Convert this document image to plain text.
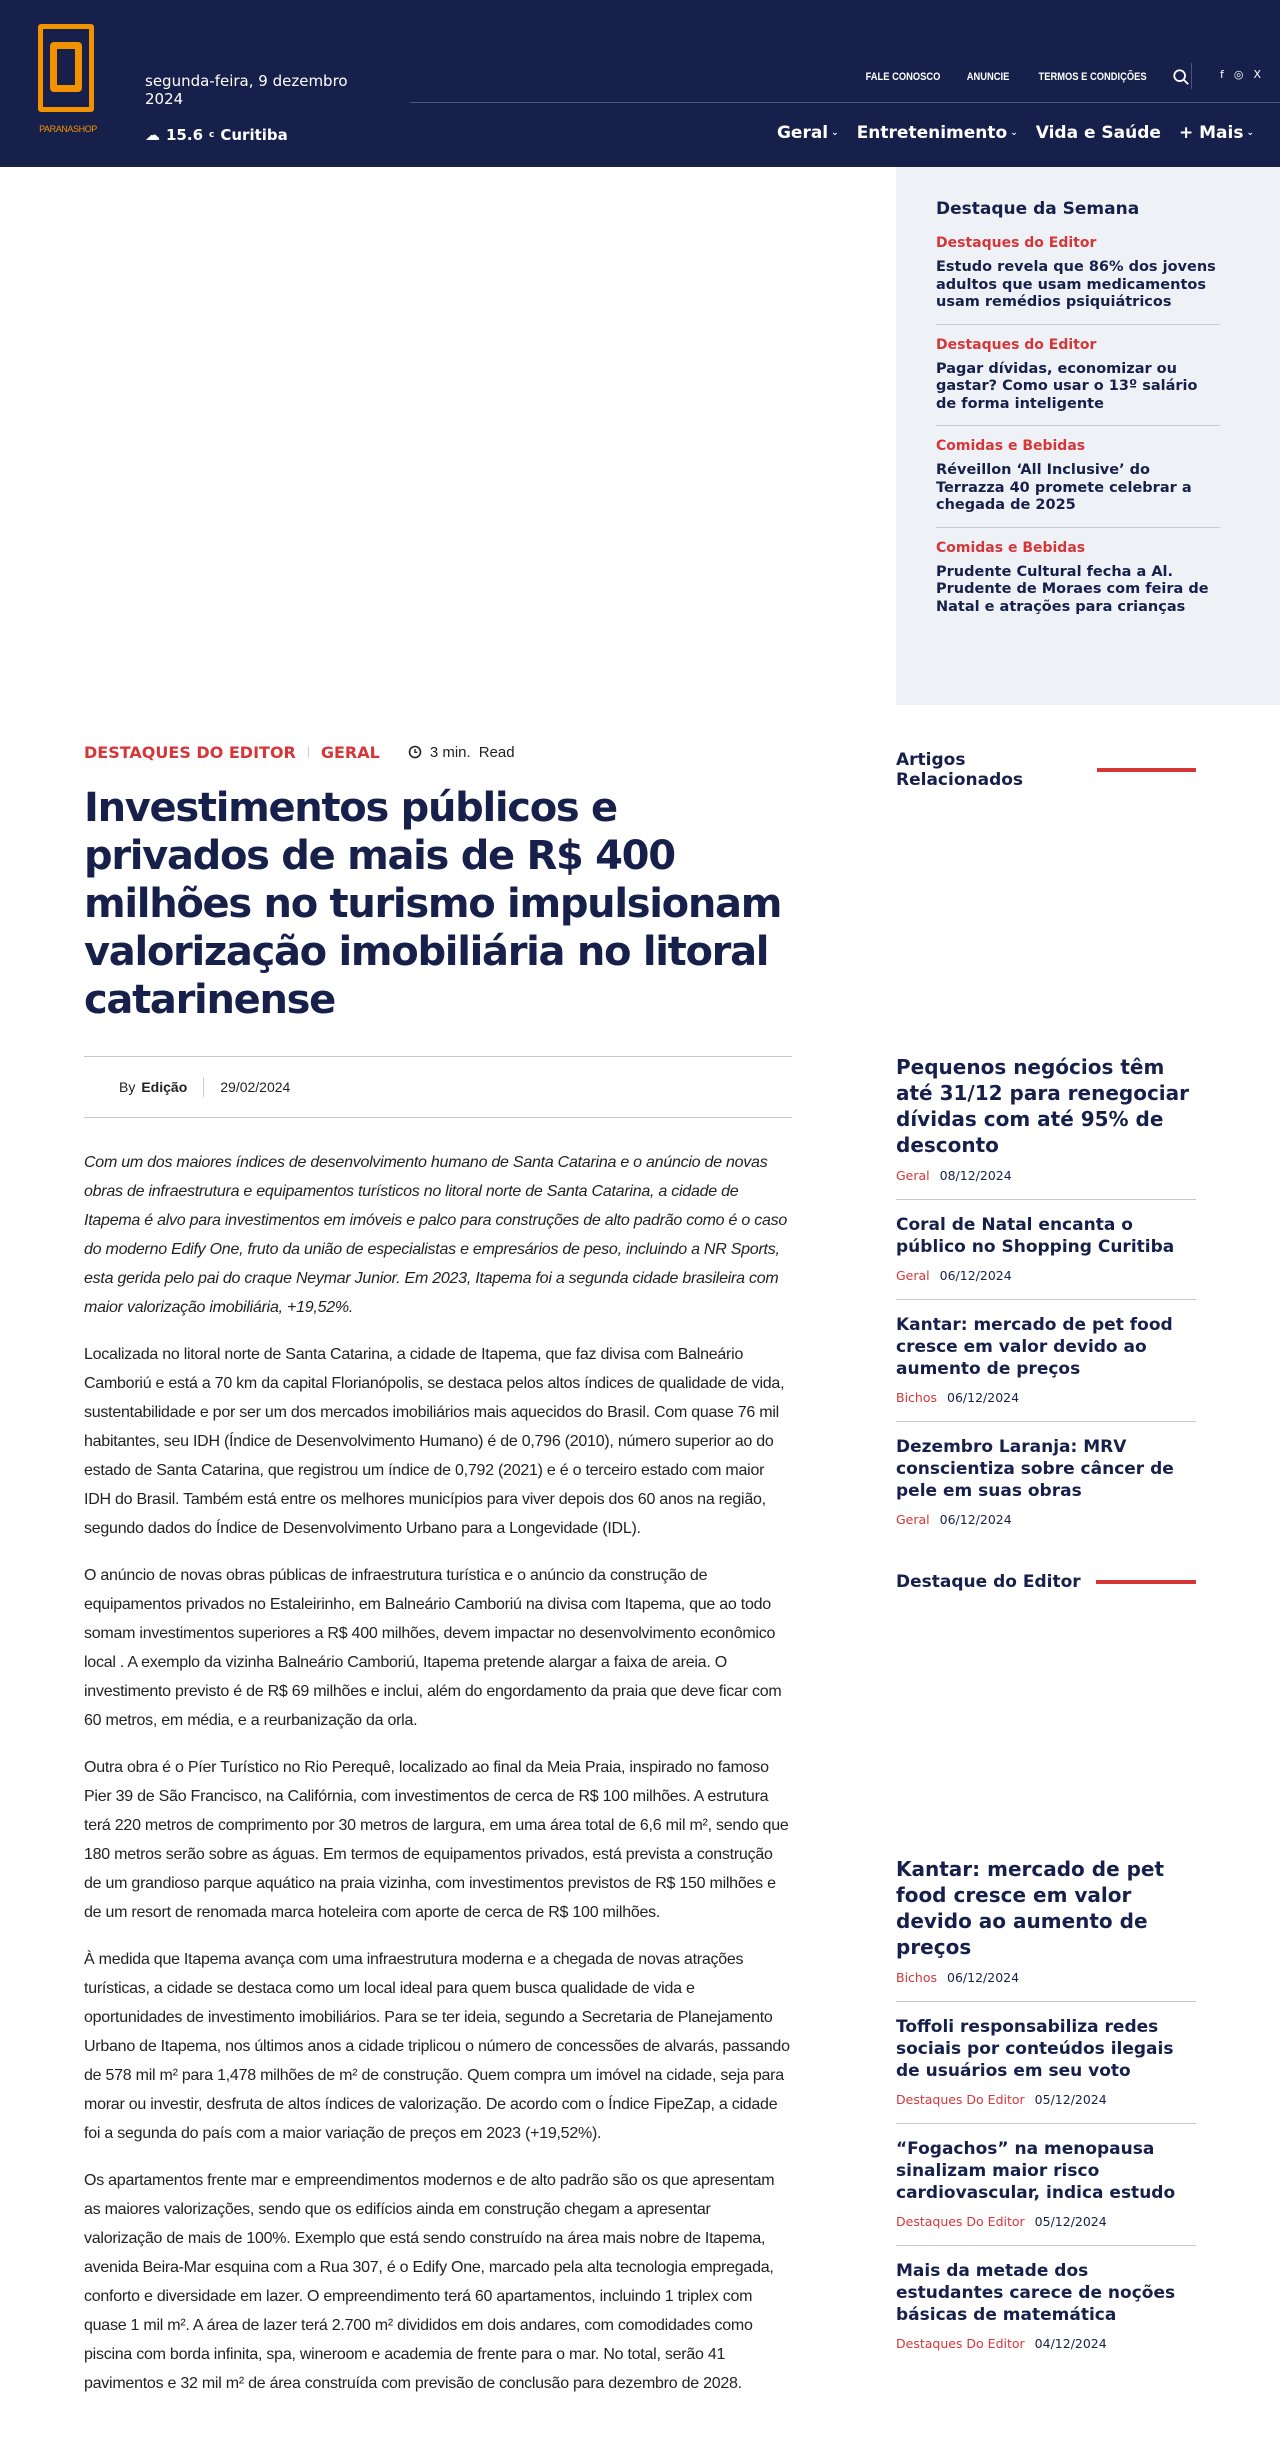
PARANASHOP
segunda-feira, 9 dezembro 2024
☁ 15.6 c Curitiba
FALE CONOSCO ANUNCIE	TERMOS E CONDIÇÕES	f ◎ X
Geral ⌄ Entretenimento ⌄ Vida e Saúde + Mais ⌄
Destaque da Semana
Destaques do Editor
Estudo revela que 86% dos jovens adultos que usam medicamentos usam remédios psiquiátricos
Destaques do Editor
Pagar dívidas, economizar ou gastar? Como usar o 13º salário de forma inteligente
Comidas e Bebidas
Réveillon ‘All Inclusive’ do Terrazza 40 promete celebrar a chegada de 2025
Comidas e Bebidas
Prudente Cultural fecha a Al. Prudente de Moraes com feira de Natal e atrações para crianças
DESTAQUES DO EDITOR GERAL	3 min. Read
Investimentos públicos e privados de mais de R$ 400 milhões no turismo impulsionam valorização imobiliária no litoral catarinense
By Edição 29/02/2024

Com um dos maiores índices de desenvolvimento humano de Santa Catarina e o anúncio de novas obras de infraestrutura e equipamentos turísticos no litoral norte de Santa Catarina, a cidade de Itapema é alvo para investimentos em imóveis e palco para construções de alto padrão como é o caso do moderno Edify One, fruto da união de especialistas e empresários de peso, incluindo a NR Sports, esta gerida pelo pai do craque Neymar Junior. Em 2023, Itapema foi a segunda cidade brasileira com maior valorização imobiliária, +19,52%.

Localizada no litoral norte de Santa Catarina, a cidade de Itapema, que faz divisa com Balneário Camboriú e está a 70 km da capital Florianópolis, se destaca pelos altos índices de qualidade de vida, sustentabilidade e por ser um dos mercados imobiliários mais aquecidos do Brasil. Com quase 76 mil habitantes, seu IDH (Índice de Desenvolvimento Humano) é de 0,796 (2010), número superior ao do estado de Santa Catarina, que registrou um índice de 0,792 (2021) e é o terceiro estado com maior IDH do Brasil. Também está entre os melhores municípios para viver depois dos 60 anos na região, segundo dados do Índice de Desenvolvimento Urbano para a Longevidade (IDL).

O anúncio de novas obras públicas de infraestrutura turística e o anúncio da construção de equipamentos privados no Estaleirinho, em Balneário Camboriú na divisa com Itapema, que ao todo somam investimentos superiores a R$ 400 milhões, devem impactar no desenvolvimento econômico local . A exemplo da vizinha Balneário Camboriú, Itapema pretende alargar a faixa de areia. O investimento previsto é de R$ 69 milhões e inclui, além do engordamento da praia que deve ficar com 60 metros, em média, e a reurbanização da orla.

Outra obra é o Píer Turístico no Rio Perequê, localizado ao final da Meia Praia, inspirado no famoso Pier 39 de São Francisco, na Califórnia, com investimentos de cerca de R$ 100 milhões. A estrutura terá 220 metros de comprimento por 30 metros de largura, em uma área total de 6,6 mil m², sendo que 180 metros serão sobre as águas. Em termos de equipamentos privados, está prevista a construção de um grandioso parque aquático na praia vizinha, com investimentos previstos de R$ 150 milhões e de um resort de renomada marca hoteleira com aporte de cerca de R$ 100 milhões.

À medida que Itapema avança com uma infraestrutura moderna e a chegada de novas atrações turísticas, a cidade se destaca como um local ideal para quem busca qualidade de vida e oportunidades de investimento imobiliários. Para se ter ideia, segundo a Secretaria de Planejamento Urbano de Itapema, nos últimos anos a cidade triplicou o número de concessões de alvarás, passando de 578 mil m² para 1,478 milhões de m² de construção. Quem compra um imóvel na cidade, seja para morar ou investir, desfruta de altos índices de valorização. De acordo com o Índice FipeZap, a cidade foi a segunda do país com a maior variação de preços em 2023 (+19,52%).

Os apartamentos frente mar e empreendimentos modernos e de alto padrão são os que apresentam as maiores valorizações, sendo que os edifícios ainda em construção chegam a apresentar valorização de mais de 100%. Exemplo que está sendo construído na área mais nobre de Itapema, avenida Beira-Mar esquina com a Rua 307, é o Edify One, marcado pela alta tecnologia empregada, conforto e diversidade em lazer. O empreendimento terá 60 apartamentos, incluindo 1 triplex com quase 1 mil m². A área de lazer terá 2.700 m² divididos em dois andares, com comodidades como piscina com borda infinita, spa, wineroom e academia de frente para o mar. No total, serão 41 pavimentos e 32 mil m² de área construída com previsão de conclusão para dezembro de 2028.

Artigos Relacionados
Pequenos negócios têm até 31/12 para renegociar dívidas com até 95% de desconto
Geral 08/12/2024
Coral de Natal encanta o público no Shopping Curitiba
Geral 06/12/2024
Kantar: mercado de pet food cresce em valor devido ao aumento de preços
Bichos 06/12/2024
Dezembro Laranja: MRV conscientiza sobre câncer de pele em suas obras
Geral 06/12/2024
Destaque do Editor
Kantar: mercado de pet food cresce em valor devido ao aumento de preços
Bichos 06/12/2024
Toffoli responsabiliza redes sociais por conteúdos ilegais de usuários em seu voto
Destaques Do Editor 05/12/2024
“Fogachos” na menopausa sinalizam maior risco cardiovascular, indica estudo
Destaques Do Editor 05/12/2024
Mais da metade dos estudantes carece de noções básicas de matemática
Destaques Do Editor 04/12/2024
